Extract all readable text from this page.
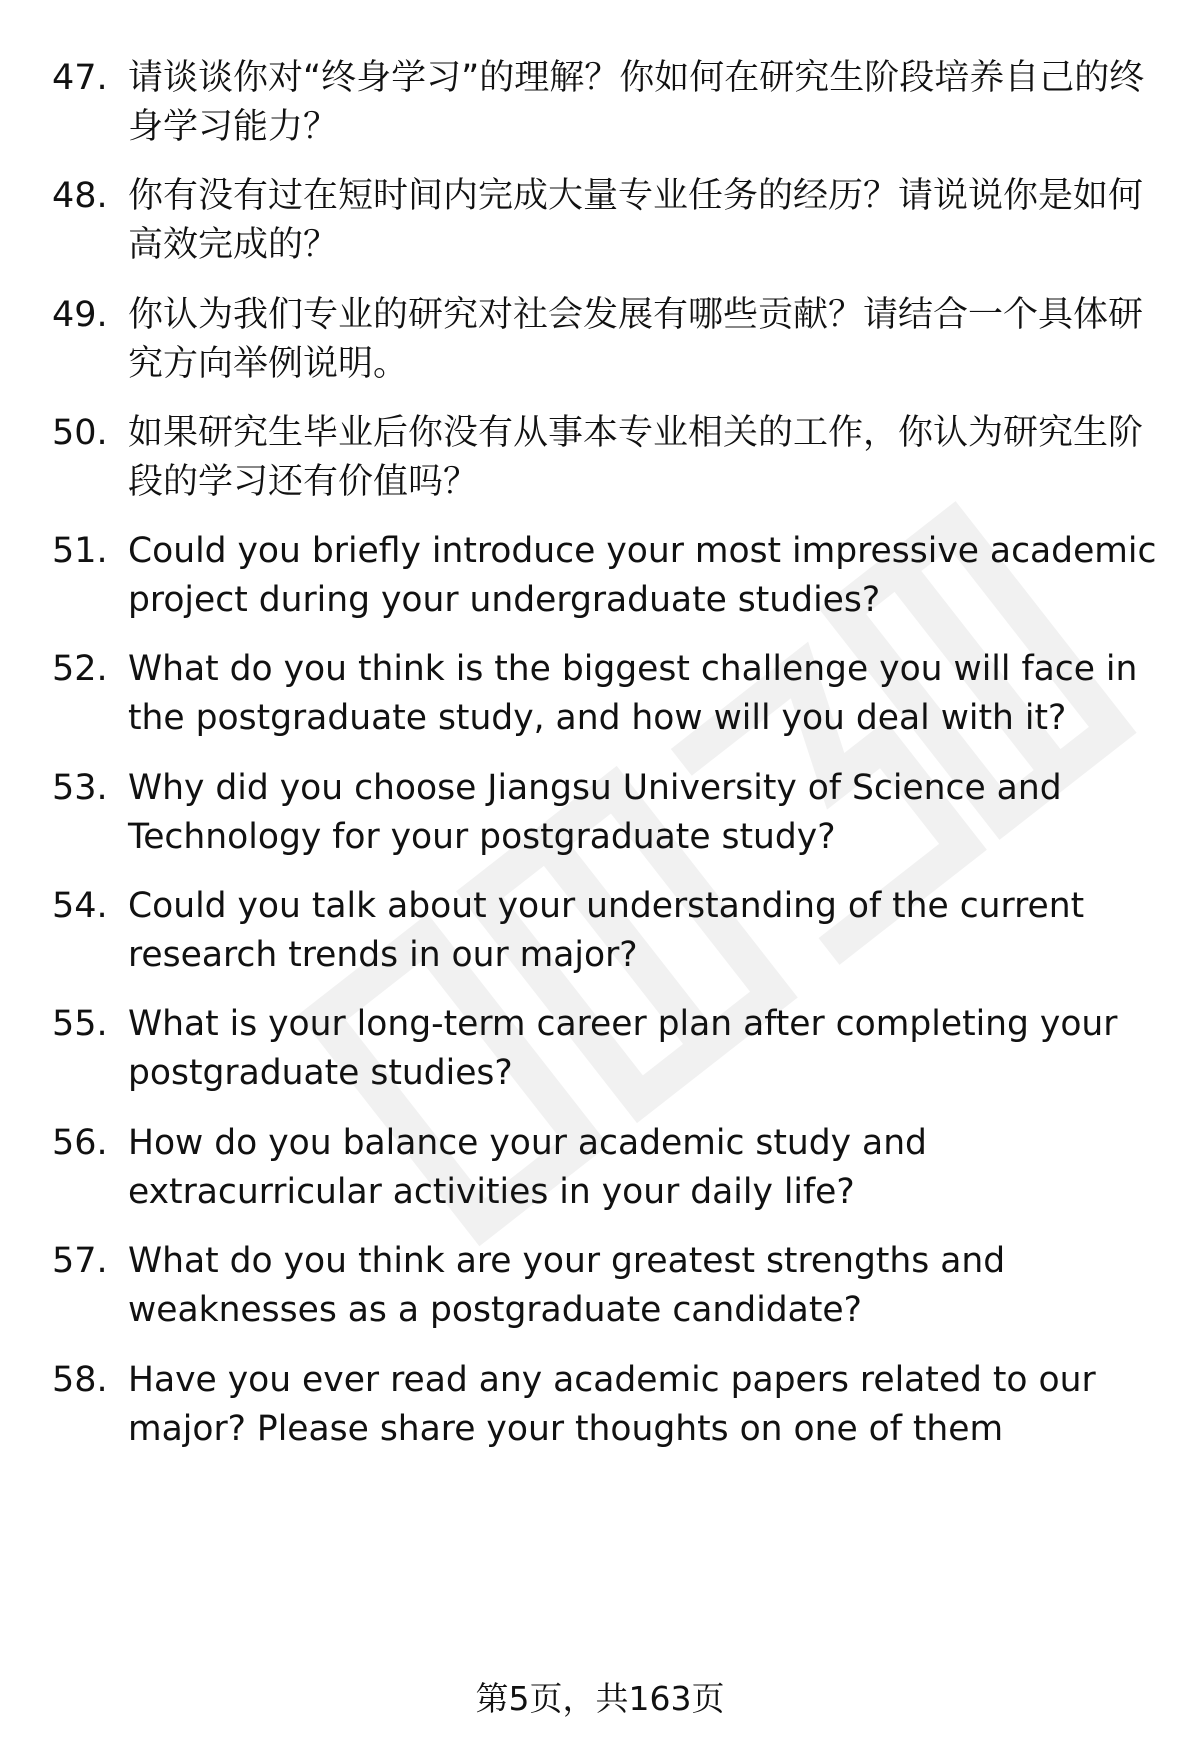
47. 请谈谈你对“终身学习”的理解？你如何在研究生阶段培养自己的终身学习能力？
48. 你有没有过在短时间内完成大量专业任务的经历？请说说你是如何高效完成的？
49. 你认为我们专业的研究对社会发展有哪些贡献？请结合一个具体研究方向举例说明。
50. 如果研究生毕业后你没有从事本专业相关的工作，你认为研究生阶段的学习还有价值吗？
51. Could you briefly introduce your most impressive academic project during your undergraduate studies?
52. What do you think is the biggest challenge you will face in the postgraduate study, and how will you deal with it?
53. Why did you choose Jiangsu University of Science and Technology for your postgraduate study?
54. Could you talk about your understanding of the current research trends in our major?
55. What is your long-term career plan after completing your postgraduate studies?
56. How do you balance your academic study and extracurricular activities in your daily life?
57. What do you think are your greatest strengths and weaknesses as a postgraduate candidate?
58. Have you ever read any academic papers related to our major? Please share your thoughts on one of them
第5页，共163页
